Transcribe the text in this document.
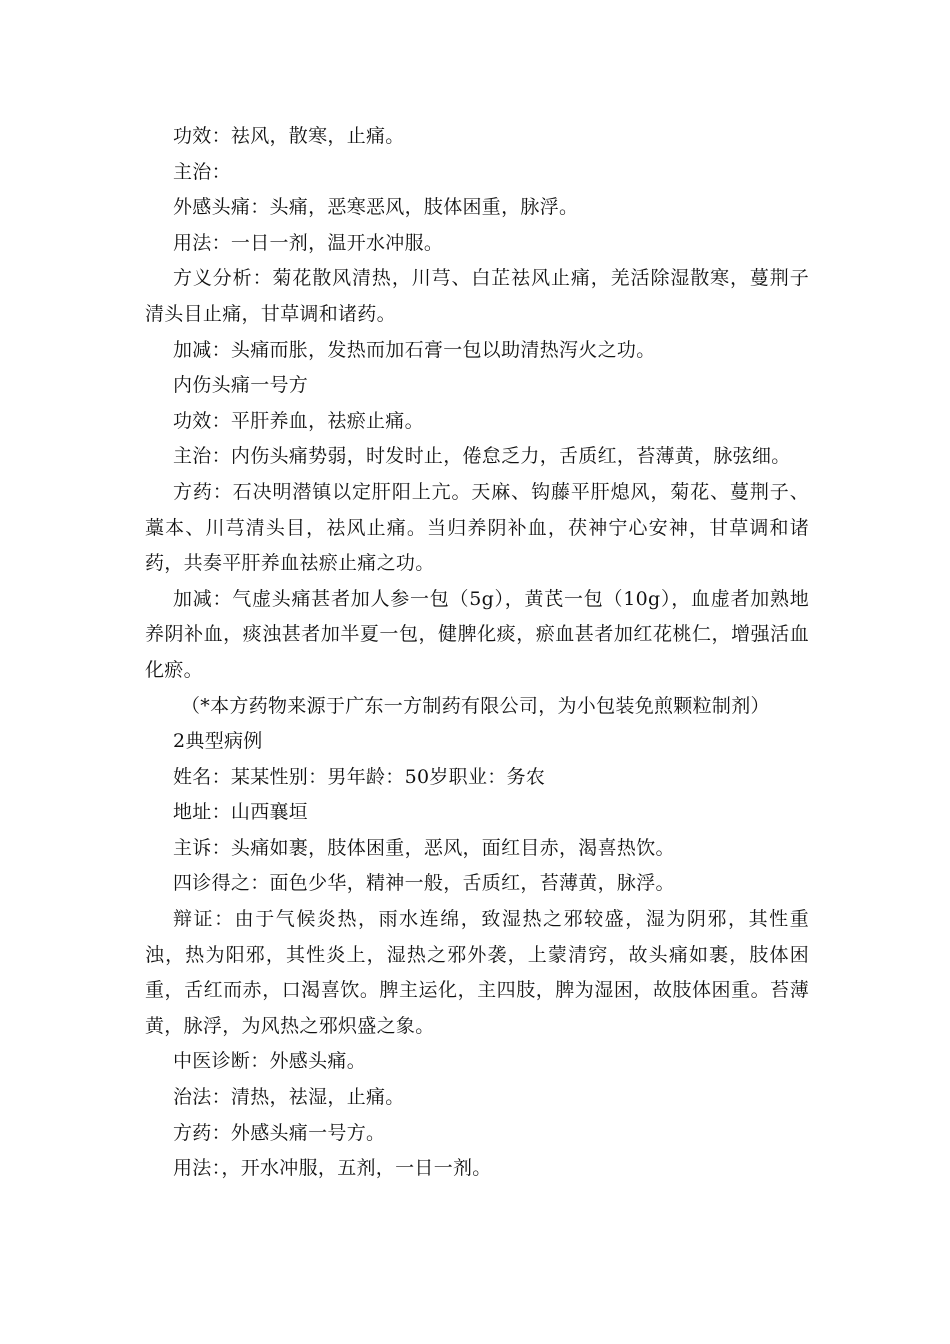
功效：祛风，散寒，止痛。

主治：

外感头痛：头痛，恶寒恶风，肢体困重，脉浮。

用法：一日一剂，温开水冲服。

方义分析：菊花散风清热，川芎、白芷祛风止痛，羌活除湿散寒，蔓荆子清头目止痛，甘草调和诸药。

加减：头痛而胀，发热而加石膏一包以助清热泻火之功。

内伤头痛一号方

功效：平肝养血，祛瘀止痛。

主治：内伤头痛势弱，时发时止，倦怠乏力，舌质红，苔薄黄，脉弦细。

方药：石决明潜镇以定肝阳上亢。天麻、钩藤平肝熄风，菊花、蔓荆子、藁本、川芎清头目，祛风止痛。当归养阴补血，茯神宁心安神，甘草调和诸药，共奏平肝养血祛瘀止痛之功。

加减：气虚头痛甚者加人参一包（5g），黄芪一包（10g），血虚者加熟地养阴补血，痰浊甚者加半夏一包，健脾化痰，瘀血甚者加红花桃仁，增强活血化瘀。

（*本方药物来源于广东一方制药有限公司，为小包装免煎颗粒制剂）

2典型病例

姓名：某某性别：男年龄：50岁职业：务农

地址：山西襄垣

主诉：头痛如裹，肢体困重，恶风，面红目赤，渴喜热饮。

四诊得之：面色少华，精神一般，舌质红，苔薄黄，脉浮。

辩证：由于气候炎热，雨水连绵，致湿热之邪较盛，湿为阴邪，其性重浊，热为阳邪，其性炎上，湿热之邪外袭，上蒙清窍，故头痛如裹，肢体困重，舌红而赤，口渴喜饮。脾主运化，主四肢，脾为湿困，故肢体困重。苔薄黄，脉浮，为风热之邪炽盛之象。

中医诊断：外感头痛。

治法：清热，祛湿，止痛。

方药：外感头痛一号方。

用法：，开水冲服，五剂，一日一剂。
